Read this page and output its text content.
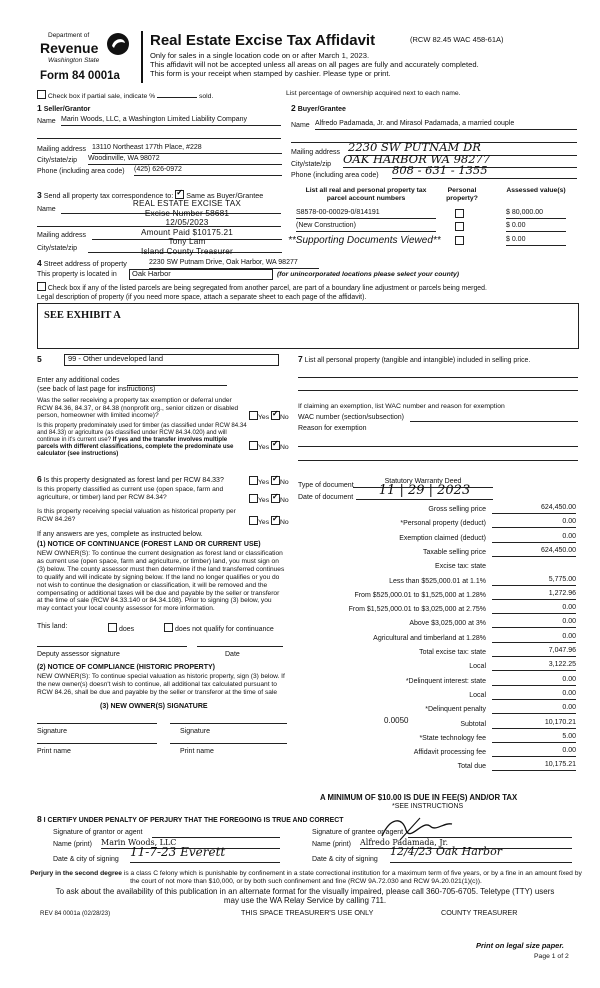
Department of
Revenue
Washington State
Form 84 0001a
Real Estate Excise Tax Affidavit	(RCW 82.45 WAC 458-61A)
Only for sales in a single location code on or after March 1, 2023.
This affidavit will not be accepted unless all areas on all pages are fully and accurately completed.
This form is your receipt when stamped by cashier. Please type or print.
Check box if partial sale, indicate %	sold.	List percentage of ownership acquired next to each name.
1 Seller/Grantor
Name Marin Woods, LLC, a Washington Limited Liability Company
Mailing address 13110 Northeast 177th Place, #228
City/state/zip Woodinville, WA 98072
Phone (including area code) (425) 626-0972
2 Buyer/Grantee
Name Alfredo Padamada, Jr. and Mirasol Padamada, a married couple
Mailing address 2230 SW PUTNAM DR
City/state/zip OAK HARBOR WA 98277
Phone (including area code) 808 - 631 - 1355
3 Send all property tax correspondence to: ✓ Same as Buyer/Grantee
Name
Mailing address
City/state/zip
REAL ESTATE EXCISE TAX
Excise Number 58681
12/05/2023
Amount Paid $10175.21
Tony Lam
Island County Treasurer
List all real and personal property tax parcel account numbers
Personal property?
Assessed value(s)
S8578-00-00029-0/814191	$ 80,000.00
(New Construction)	$ 0.00
**Supporting Documents Viewed**	$ 0.00
4 Street address of property	2230 SW Putnam Drive, Oak Harbor, WA 98277
This property is located in	Oak Harbor	(for unincorporated locations please select your county)
Check box if any of the listed parcels are being segregated from another parcel, are part of a boundary line adjustment or parcels being merged.
Legal description of property (if you need more space, attach a separate sheet to each page of the affidavit).
SEE EXHIBIT A
5	99 - Other undeveloped land
Enter any additional codes
(see back of last page for instructions)
Was the seller receiving a property tax exemption or deferral under RCW 84.36, 84.37, or 84.38 (nonprofit org., senior citizen or disabled person, homeowner with limited income)?	Yes ✓ No
Is this property predominately used for timber (as classified under RCW 84.34 and 84.33) or agriculture (as classified under RCW 84.34.020) and will continue in it's current use? If yes and the transfer involves multiple parcels with different classifications, complete the predominate use calculator (see instructions)
Yes ✓ No
7 List all personal property (tangible and intangible) included in selling price.
If claiming an exemption, list WAC number and reason for exemption
WAC number (section/subsection)
Reason for exemption
6 Is this property designated as forest land per RCW 84.33?	Yes ✓ No
Is this property classified as current use (open space, farm and agriculture, or timber) land per RCW 84.34?	Yes ✓ No
Is this property receiving special valuation as historical property per RCW 84.26?	Yes ✓ No
If any answers are yes, complete as instructed below.
(1) NOTICE OF CONTINUANCE (FOREST LAND OR CURRENT USE)
NEW OWNER(S): To continue the current designation as forest land or classification as current use (open space, farm and agriculture, or timber) land, you must sign on (3) below. The county assessor must then determine if the land transferred continues to qualify and will indicate by signing below. If the land no longer qualifies or you do not wish to continue the designation or classification, it will be removed and the compensating or additional taxes will be due and payable by the seller or transferor at the time of sale (RCW 84.33.140 or 84.34.108). Prior to signing (3) below, you may contact your local county assessor for more information.
This land:	does	does not qualify for continuance
Deputy assessor signature	Date
(2) NOTICE OF COMPLIANCE (HISTORIC PROPERTY)
NEW OWNER(S): To continue special valuation as historic property, sign (3) below. If the new owner(s) doesn't wish to continue, all additional tax calculated pursuant to RCW 84.26, shall be due and payable by the seller or transferor at the time of sale
(3) NEW OWNER(S) SIGNATURE
Signature	Signature
Print name	Print name
Type of document
Statutory Warranty Deed
Date of document	11 | 29 | 2023
Gross selling price	624,450.00
*Personal property (deduct)	0.00
Exemption claimed (deduct)	0.00
Taxable selling price	624,450.00
Excise tax: state
Less than $525,000.01 at 1.1%	5,775.00
From $525,000.01 to $1,525,000 at 1.28%	1,272.96
From $1,525,000.01 to $3,025,000 at 2.75%	0.00
Above $3,025,000 at 3%	0.00
Agricultural and timberland at 1.28%	0.00
Total excise tax: state	7,047.96
Local	3,122.25
*Delinquent interest: state	0.00
Local	0.00
*Delinquent penalty	0.00
Subtotal	10,170.21
*State technology fee	5.00
Affidavit processing fee	0.00
Total due	10,175.21
0.0050
A MINIMUM OF $10.00 IS DUE IN FEE(S) AND/OR TAX
*SEE INSTRUCTIONS
8 I CERTIFY UNDER PENALTY OF PERJURY THAT THE FOREGOING IS TRUE AND CORRECT
Signature of grantor or agent
Name (print) Marin Woods, LLC
Date & city of signing
11-7-23 Everett
Signature of grantee or agent
Name (print) Alfredo Padamada, Jr.
Date & city of signing
12/4/23 Oak Harbor
Perjury in the second degree is a class C felony which is punishable by confinement in a state correctional institution for a maximum term of five years, or by a fine in an amount fixed by the court of not more than $10,000, or by both such confinement and fine (RCW 9A.72.030 and RCW 9A.20.021(1)(c)).
To ask about the availability of this publication in an alternate format for the visually impaired, please call 360-705-6705. Teletype (TTY) users may use the WA Relay Service by calling 711.
REV 84 0001a (02/28/23)	THIS SPACE TREASURER'S USE ONLY	COUNTY TREASURER
Print on legal size paper.
Page 1 of 2
